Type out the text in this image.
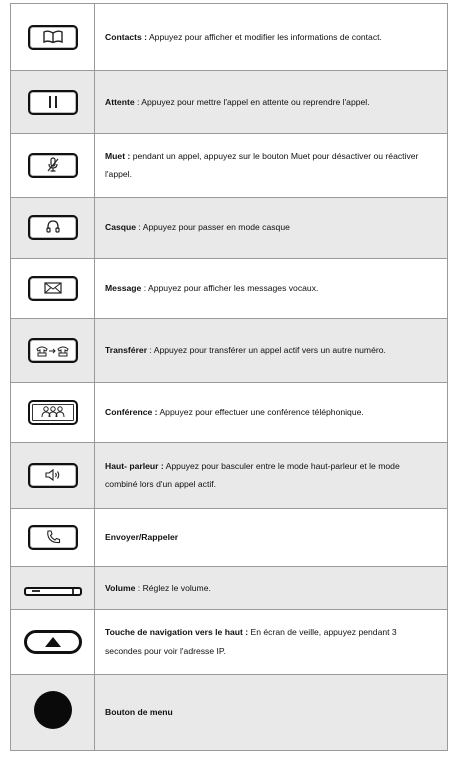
	Contacts : Appuyez pour afficher et modifier les informations de contact.

	Attente : Appuyez pour mettre l'appel en attente ou reprendre l'appel.

	Muet : pendant un appel, appuyez sur le bouton Muet pour désactiver ou réactiver l'appel.

	Casque : Appuyez pour passer en mode casque

	Message : Appuyez pour afficher les messages vocaux.

	Transférer : Appuyez pour transférer un appel actif vers un autre numéro.

	Conférence : Appuyez pour effectuer une conférence téléphonique.

	Haut- parleur : Appuyez pour basculer entre le mode haut-parleur et le mode combiné lors d'un appel actif.

	Envoyer/Rappeler

	Volume : Réglez le volume.

	Touche de navigation vers le haut : En écran de veille, appuyez pendant 3 secondes pour voir l'adresse IP.
	Bouton de menu
